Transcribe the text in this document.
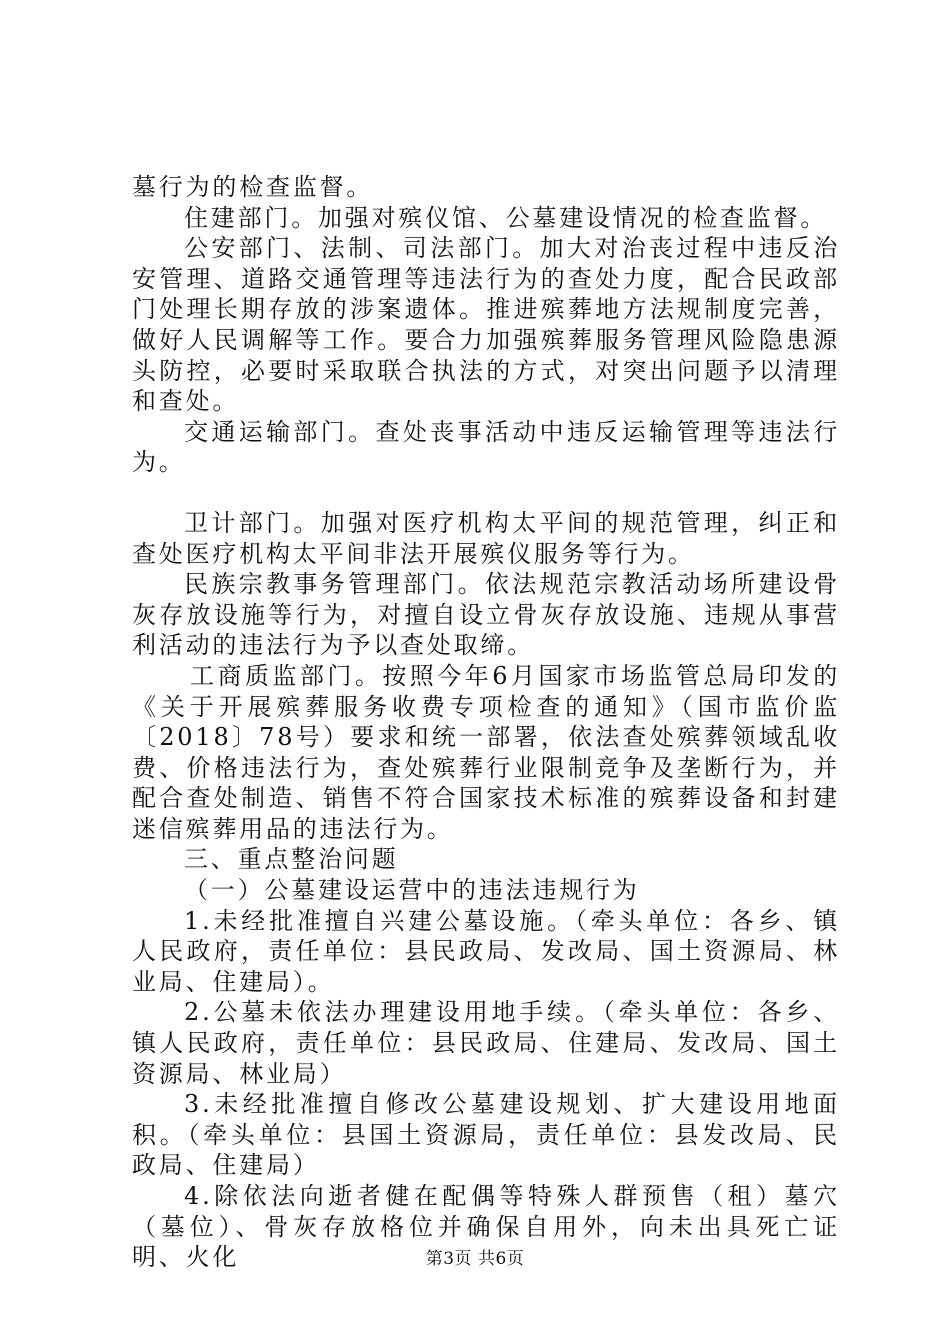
墓行为的检查监督。

住建部门。加强对殡仪馆、公墓建设情况的检查监督。

公安部门、法制、司法部门。加大对治丧过程中违反治安管理、道路交通管理等违法行为的查处力度，配合民政部门处理长期存放的涉案遗体。推进殡葬地方法规制度完善，做好人民调解等工作。要合力加强殡葬服务管理风险隐患源头防控，必要时采取联合执法的方式，对突出问题予以清理和查处。

交通运输部门。查处丧事活动中违反运输管理等违法行为。

卫计部门。加强对医疗机构太平间的规范管理，纠正和查处医疗机构太平间非法开展殡仪服务等行为。

民族宗教事务管理部门。依法规范宗教活动场所建设骨灰存放设施等行为，对擅自设立骨灰存放设施、违规从事营利活动的违法行为予以查处取缔。

工商质监部门。按照今年6月国家市场监管总局印发的《关于开展殡葬服务收费专项检查的通知》（国市监价监〔2018〕78号）要求和统一部署，依法查处殡葬领域乱收费、价格违法行为，查处殡葬行业限制竞争及垄断行为，并配合查处制造、销售不符合国家技术标准的殡葬设备和封建迷信殡葬用品的违法行为。

三、重点整治问题

（一）公墓建设运营中的违法违规行为

1.未经批准擅自兴建公墓设施。（牵头单位：各乡、镇人民政府，责任单位：县民政局、发改局、国土资源局、林业局、住建局）。

2.公墓未依法办理建设用地手续。（牵头单位：各乡、镇人民政府，责任单位：县民政局、住建局、发改局、国土资源局、林业局）

3.未经批准擅自修改公墓建设规划、扩大建设用地面积。（牵头单位：县国土资源局，责任单位：县发改局、民政局、住建局）

4.除依法向逝者健在配偶等特殊人群预售（租）墓穴（墓位）、骨灰存放格位并确保自用外，向未出具死亡证明、火化	第3页 共6页
